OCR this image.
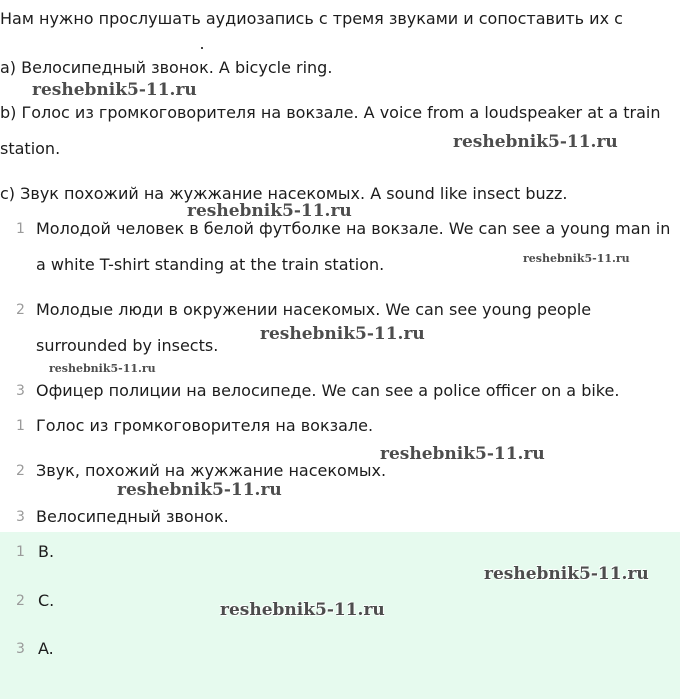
Нам нужно прослушать аудиозапись с тремя звуками и сопоставить их с
a) Велосипедный звонок. A bicycle ring.
b) Голос из громкоговорителя на вокзале. A voice from a loudspeaker at a train
station.
c) Звук похожий на жужжание насекомых. A sound like insect buzz.
1 Молодой человек в белой футболке на вокзале. We can see a young man in
a white T-shirt standing at the train station.
2 Молодые люди в окружении насекомых. We can see young people
surrounded by insects.
3 Офицер полиции на велосипеде. We can see a police officer on a bike.
1 Голос из громкоговорителя на вокзале.
2 Звук, похожий на жужжание насекомых.
3 Велосипедный звонок.
1 B.
2 C.
3 A.
reshebnik5-11.ru
reshebnik5-11.ru
reshebnik5-11.ru
reshebnik5-11.ru
reshebnik5-11.ru
reshebnik5-11.ru
reshebnik5-11.ru
reshebnik5-11.ru
reshebnik5-11.ru
reshebnik5-11.ru
